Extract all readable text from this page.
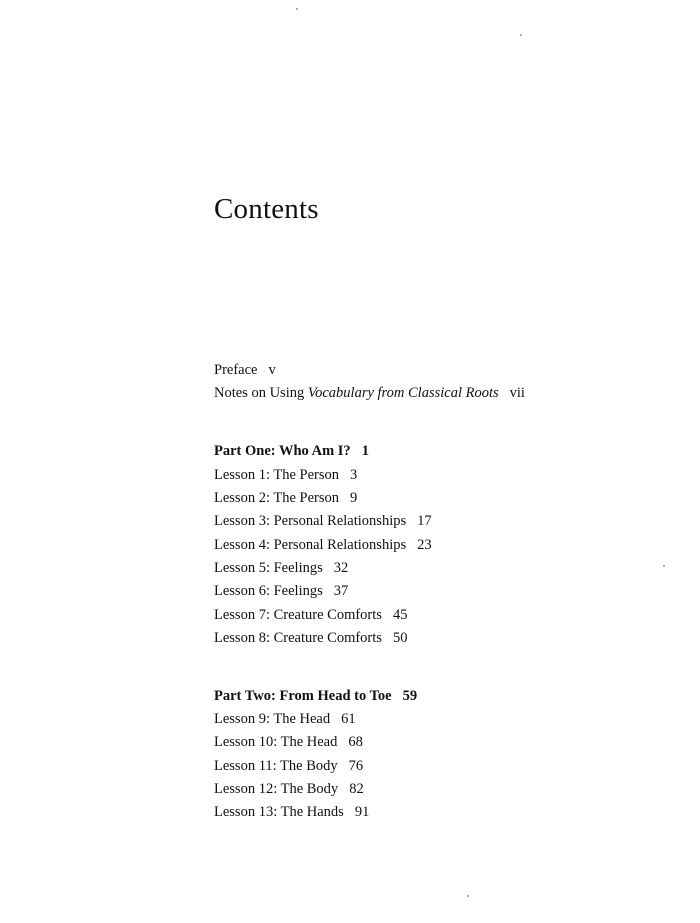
Contents
Preface v
Notes on Using Vocabulary from Classical Roots vii
Part One: Who Am I? 1
Lesson 1: The Person 3
Lesson 2: The Person 9
Lesson 3: Personal Relationships 17
Lesson 4: Personal Relationships 23
Lesson 5: Feelings 32
Lesson 6: Feelings 37
Lesson 7: Creature Comforts 45
Lesson 8: Creature Comforts 50
Part Two: From Head to Toe 59
Lesson 9: The Head 61
Lesson 10: The Head 68
Lesson 11: The Body 76
Lesson 12: The Body 82
Lesson 13: The Hands 91
